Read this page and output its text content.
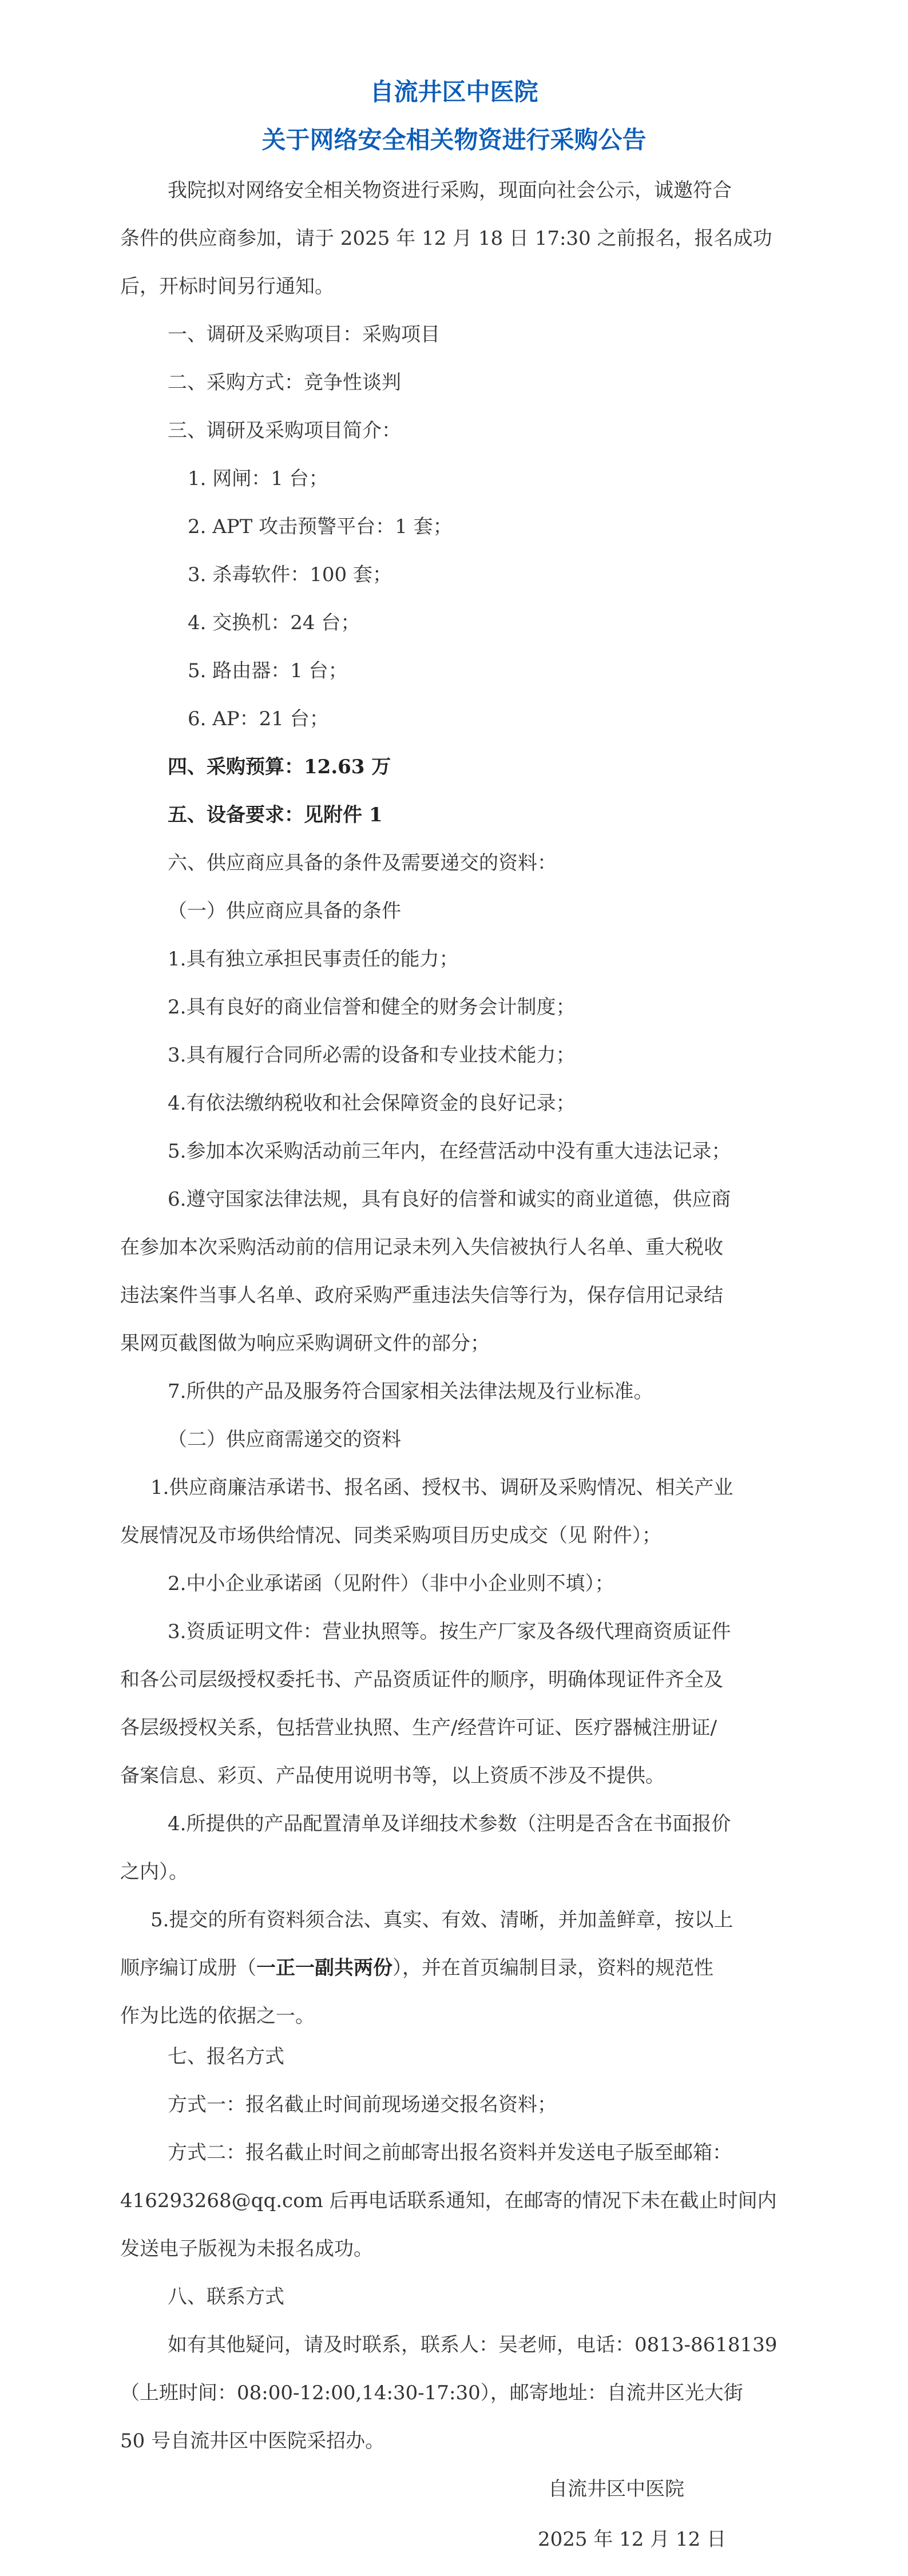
自流井区中医院
关于网络安全相关物资进行采购公告
我院拟对网络安全相关物资进行采购，现面向社会公示，诚邀符合
条件的供应商参加，请于 2025 年 12 月 18 日 17:30 之前报名，报名成功
后，开标时间另行通知。
一、调研及采购项目：采购项目
二、采购方式：竞争性谈判
三、调研及采购项目简介：
1. 网闸：1 台；
2. APT 攻击预警平台：1 套；
3. 杀毒软件：100 套；
4. 交换机：24 台；
5. 路由器：1 台；
6. AP：21 台；
四、采购预算：12.63 万
五、设备要求：见附件 1
六、供应商应具备的条件及需要递交的资料：
（一）供应商应具备的条件
1.具有独立承担民事责任的能力；
2.具有良好的商业信誉和健全的财务会计制度；
3.具有履行合同所必需的设备和专业技术能力；
4.有依法缴纳税收和社会保障资金的良好记录；
5.参加本次采购活动前三年内，在经营活动中没有重大违法记录；
6.遵守国家法律法规，具有良好的信誉和诚实的商业道德，供应商
在参加本次采购活动前的信用记录未列入失信被执行人名单、重大税收
违法案件当事人名单、政府采购严重违法失信等行为，保存信用记录结
果网页截图做为响应采购调研文件的部分；
7.所供的产品及服务符合国家相关法律法规及行业标准。
（二）供应商需递交的资料
1.供应商廉洁承诺书、报名函、授权书、调研及采购情况、相关产业
发展情况及市场供给情况、同类采购项目历史成交（见 附件）；
2.中小企业承诺函（见附件）（非中小企业则不填）；
3.资质证明文件：营业执照等。按生产厂家及各级代理商资质证件
和各公司层级授权委托书、产品资质证件的顺序，明确体现证件齐全及
各层级授权关系，包括营业执照、生产/经营许可证、医疗器械注册证/
备案信息、彩页、产品使用说明书等，以上资质不涉及不提供。
4.所提供的产品配置清单及详细技术参数（注明是否含在书面报价
之内）。
5.提交的所有资料须合法、真实、有效、清晰，并加盖鲜章，按以上
顺序编订成册（一正一副共两份），并在首页编制目录，资料的规范性
作为比选的依据之一。
七、报名方式
方式一：报名截止时间前现场递交报名资料；
方式二：报名截止时间之前邮寄出报名资料并发送电子版至邮箱：
416293268@qq.com 后再电话联系通知，在邮寄的情况下未在截止时间内
发送电子版视为未报名成功。
八、联系方式
如有其他疑问，请及时联系，联系人：吴老师，电话：0813-8618139
（上班时间：08:00-12:00,14:30-17:30），邮寄地址：自流井区光大街
50 号自流井区中医院采招办。
自流井区中医院
2025 年 12 月 12 日
